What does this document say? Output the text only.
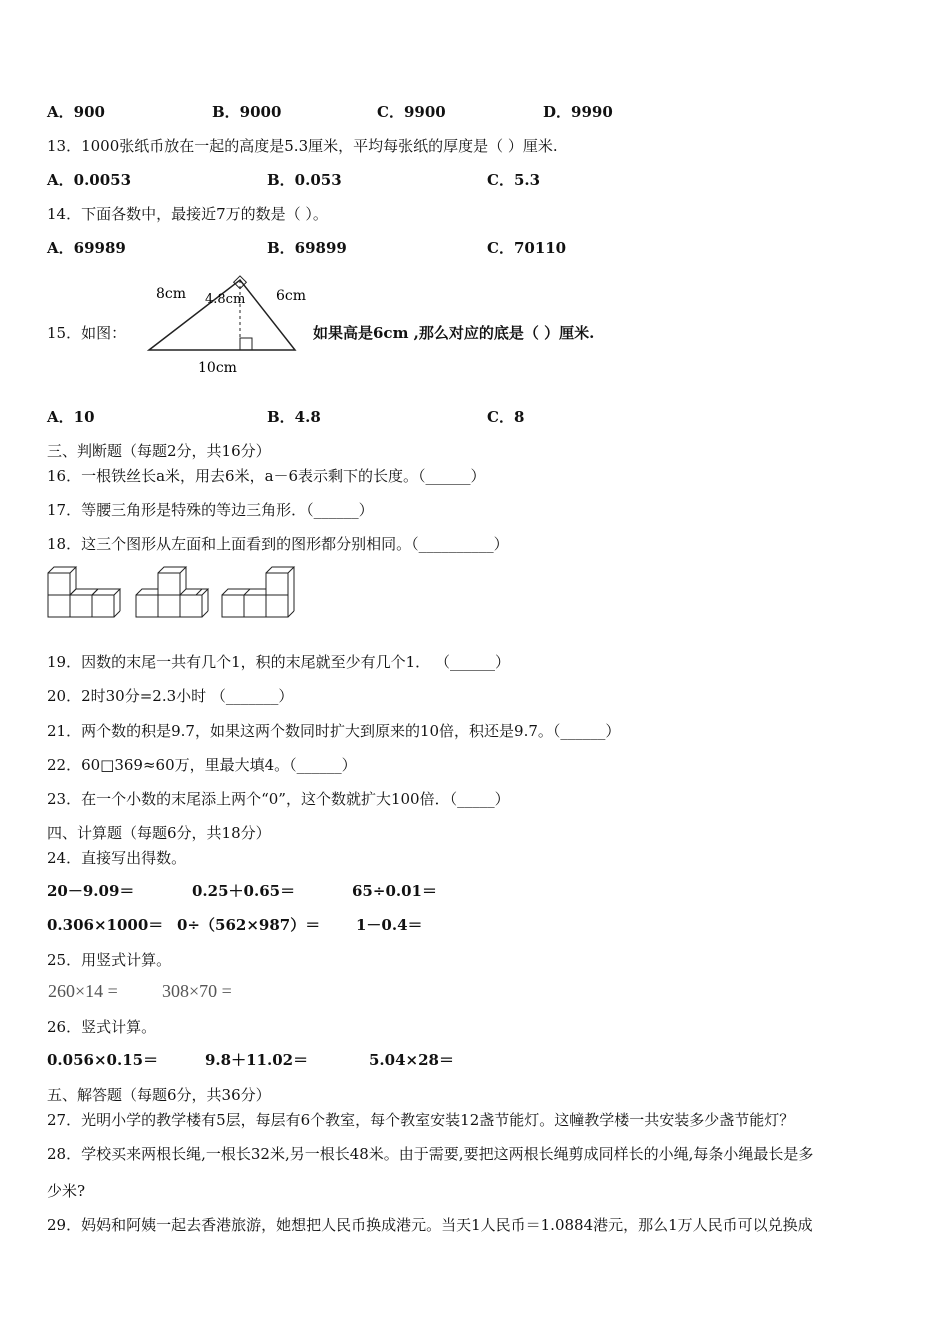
A．900	B．9000	C．9900	D．9990
13．1000张纸币放在一起的高度是5.3厘米，平均每张纸的厚度是（ ）厘米.
A．0.0053	B．0.053	C．5.3
14．下面各数中，最接近7万的数是（ ）。
A．69989	B．69899	C．70110
15．如图：
8cm 4.8cm 6cm
10cm
如果高是6cm ,那么对应的底是（ ）厘米.
A．10	B．4.8	C．8
三、判断题（每题2分，共16分）
16．一根铁丝长a米，用去6米，a－6表示剩下的长度。（______）
17．等腰三角形是特殊的等边三角形．（______）
18．这三个图形从左面和上面看到的图形都分别相同。（__________）
19．因数的末尾一共有几个1，积的末尾就至少有几个1． （______）
20．2时30分=2.3小时 （_______）
21．两个数的积是9.7，如果这两个数同时扩大到原来的10倍，积还是9.7。（______）
22．60□369≈60万，里最大填4。（______）
23．在一个小数的末尾添上两个“0”，这个数就扩大100倍．（_____）
四、计算题（每题6分，共18分）
24．直接写出得数。
20－9.09＝	0.25＋0.65＝	65÷0.01＝
0.306×1000＝ 0÷（562×987）＝ 1－0.4＝
25．用竖式计算。
260×14 = 308×70 =
26．竖式计算。
0.056×0.15＝	9.8＋11.02＝	5.04×28＝
五、解答题（每题6分，共36分）
27．光明小学的教学楼有5层，每层有6个教室，每个教室安装12盏节能灯。这幢教学楼一共安装多少盏节能灯？
28．学校买来两根长绳,一根长32米,另一根长48米。由于需要,要把这两根长绳剪成同样长的小绳,每条小绳最长是多
少米?
29．妈妈和阿姨一起去香港旅游，她想把人民币换成港元。当天1人民币＝1.0884港元，那么1万人民币可以兑换成
